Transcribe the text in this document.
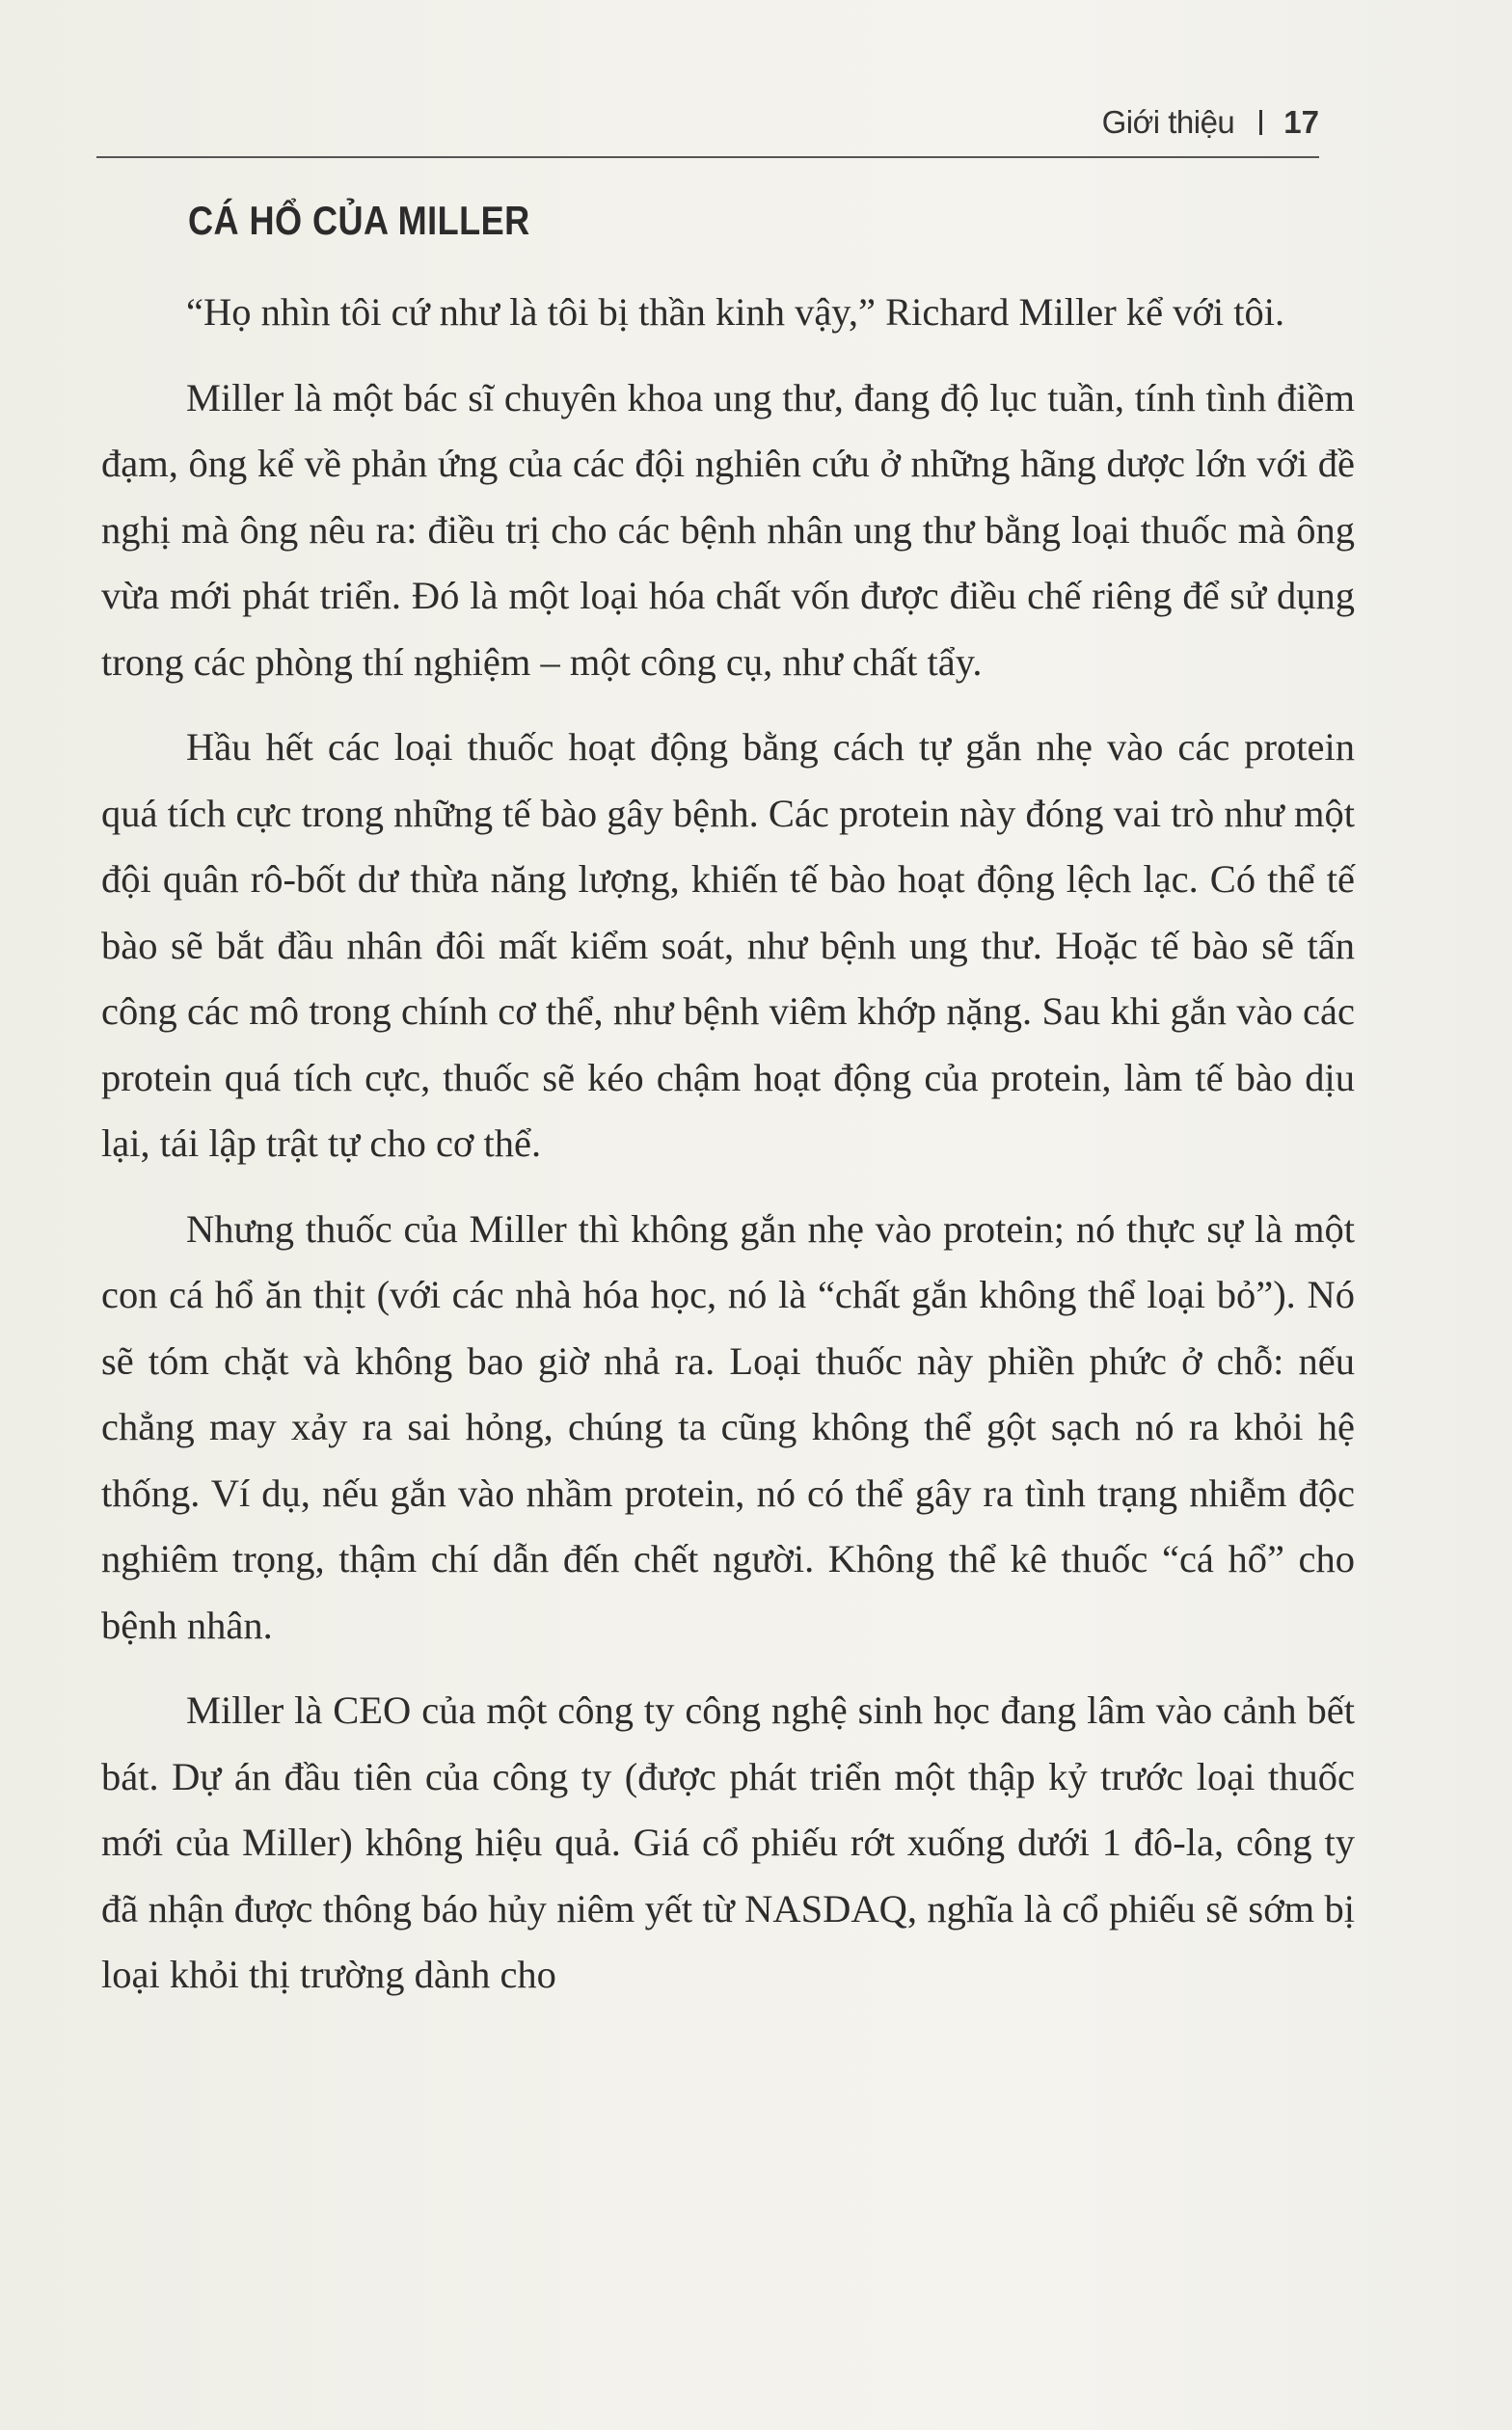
Giới thiệu 17
CÁ HỔ CỦA MILLER

“Họ nhìn tôi cứ như là tôi bị thần kinh vậy,” Richard Miller kể với tôi.

Miller là một bác sĩ chuyên khoa ung thư, đang độ lục tuần, tính tình điềm đạm, ông kể về phản ứng của các đội nghiên cứu ở những hãng dược lớn với đề nghị mà ông nêu ra: điều trị cho các bệnh nhân ung thư bằng loại thuốc mà ông vừa mới phát triển. Đó là một loại hóa chất vốn được điều chế riêng để sử dụng trong các phòng thí nghiệm – một công cụ, như chất tẩy.

Hầu hết các loại thuốc hoạt động bằng cách tự gắn nhẹ vào các protein quá tích cực trong những tế bào gây bệnh. Các protein này đóng vai trò như một đội quân rô-bốt dư thừa năng lượng, khiến tế bào hoạt động lệch lạc. Có thể tế bào sẽ bắt đầu nhân đôi mất kiểm soát, như bệnh ung thư. Hoặc tế bào sẽ tấn công các mô trong chính cơ thể, như bệnh viêm khớp nặng. Sau khi gắn vào các protein quá tích cực, thuốc sẽ kéo chậm hoạt động của protein, làm tế bào dịu lại, tái lập trật tự cho cơ thể.

Nhưng thuốc của Miller thì không gắn nhẹ vào protein; nó thực sự là một con cá hổ ăn thịt (với các nhà hóa học, nó là “chất gắn không thể loại bỏ”). Nó sẽ tóm chặt và không bao giờ nhả ra. Loại thuốc này phiền phức ở chỗ: nếu chẳng may xảy ra sai hỏng, chúng ta cũng không thể gột sạch nó ra khỏi hệ thống. Ví dụ, nếu gắn vào nhầm protein, nó có thể gây ra tình trạng nhiễm độc nghiêm trọng, thậm chí dẫn đến chết người. Không thể kê thuốc “cá hổ” cho bệnh nhân.

Miller là CEO của một công ty công nghệ sinh học đang lâm vào cảnh bết bát. Dự án đầu tiên của công ty (được phát triển một thập kỷ trước loại thuốc mới của Miller) không hiệu quả. Giá cổ phiếu rớt xuống dưới 1 đô-la, công ty đã nhận được thông báo hủy niêm yết từ NASDAQ, nghĩa là cổ phiếu sẽ sớm bị loại khỏi thị trường dành cho
